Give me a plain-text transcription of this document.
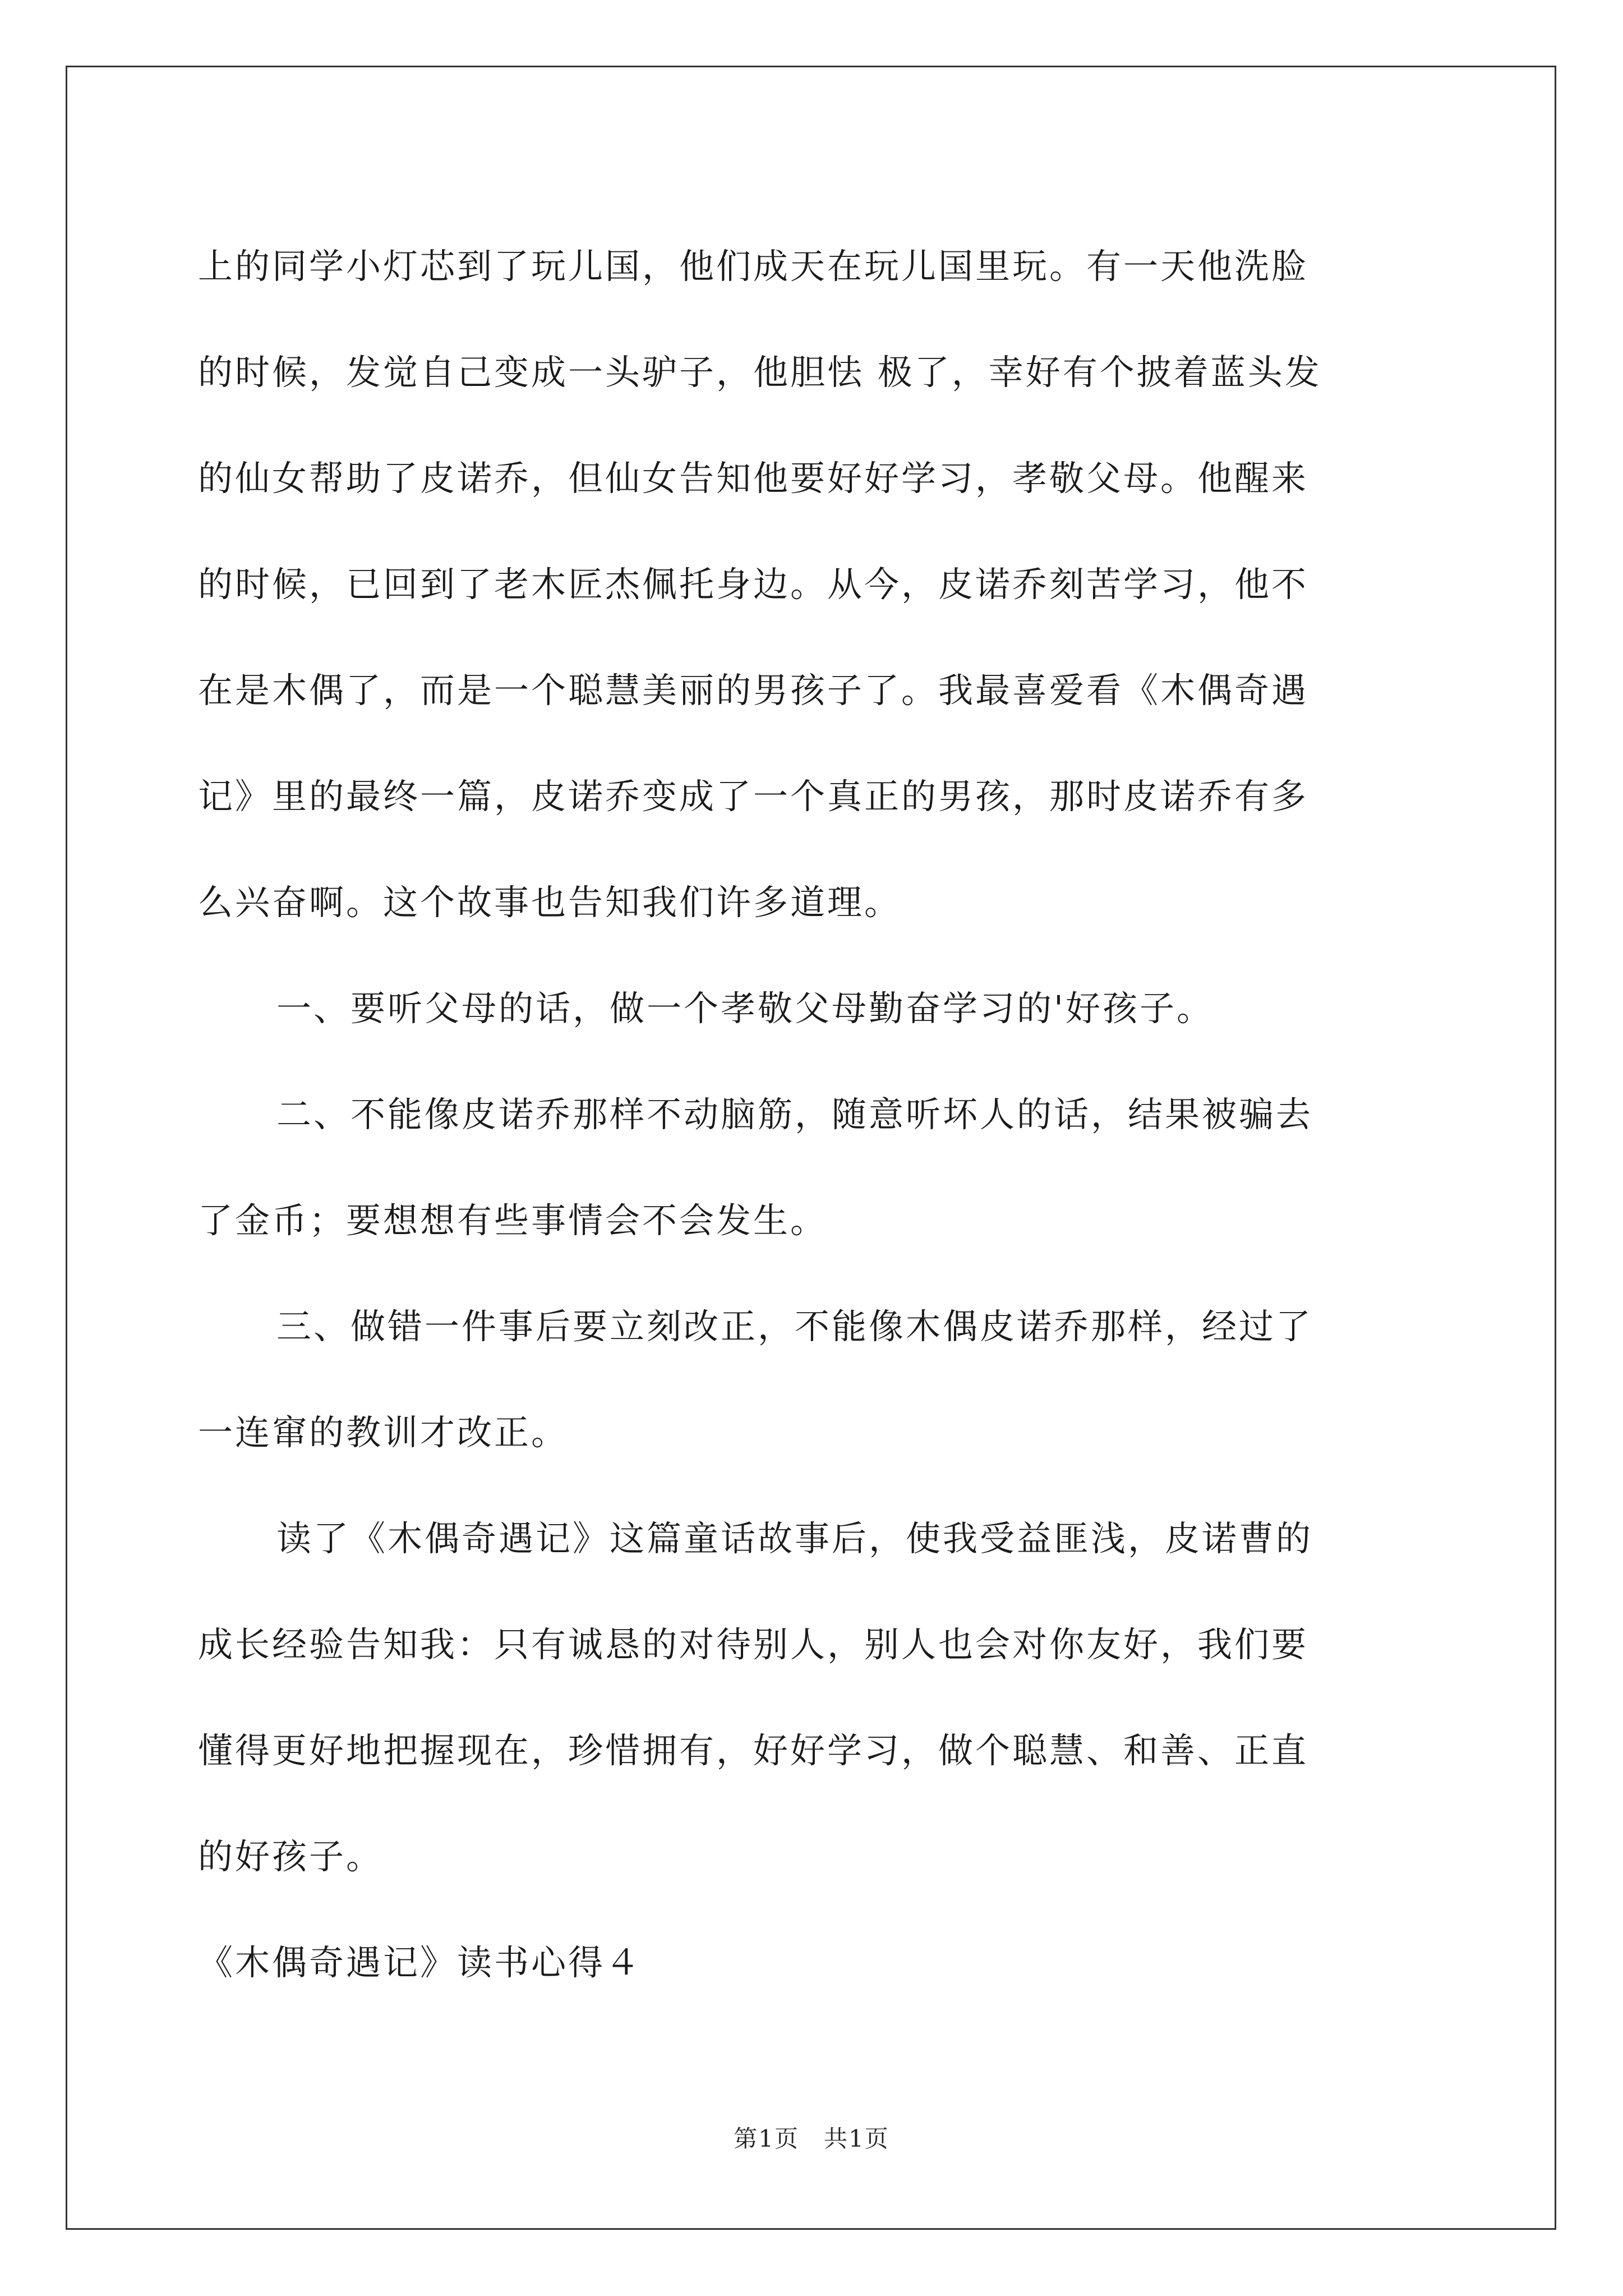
上的同学小灯芯到了玩儿国，他们成天在玩儿国里玩。有一天他洗脸
的时候，发觉自己变成一头驴子，他胆怯 极了，幸好有个披着蓝头发
的仙女帮助了皮诺乔，但仙女告知他要好好学习，孝敬父母。他醒来
的时候，已回到了老木匠杰佩托身边。从今，皮诺乔刻苦学习，他不
在是木偶了，而是一个聪慧美丽的男孩子了。我最喜爱看《木偶奇遇
记》里的最终一篇，皮诺乔变成了一个真正的男孩，那时皮诺乔有多
么兴奋啊。这个故事也告知我们许多道理。
一、要听父母的话，做一个孝敬父母勤奋学习的'好孩子。
二、不能像皮诺乔那样不动脑筋，随意听坏人的话，结果被骗去
了金币；要想想有些事情会不会发生。
三、做错一件事后要立刻改正，不能像木偶皮诺乔那样，经过了
一连窜的教训才改正。
读了《木偶奇遇记》这篇童话故事后，使我受益匪浅，皮诺曹的
成长经验告知我：只有诚恳的对待别人，别人也会对你友好，我们要
懂得更好地把握现在，珍惜拥有，好好学习，做个聪慧、和善、正直
的好孩子。
《木偶奇遇记》读书心得４
第1页　共1页
